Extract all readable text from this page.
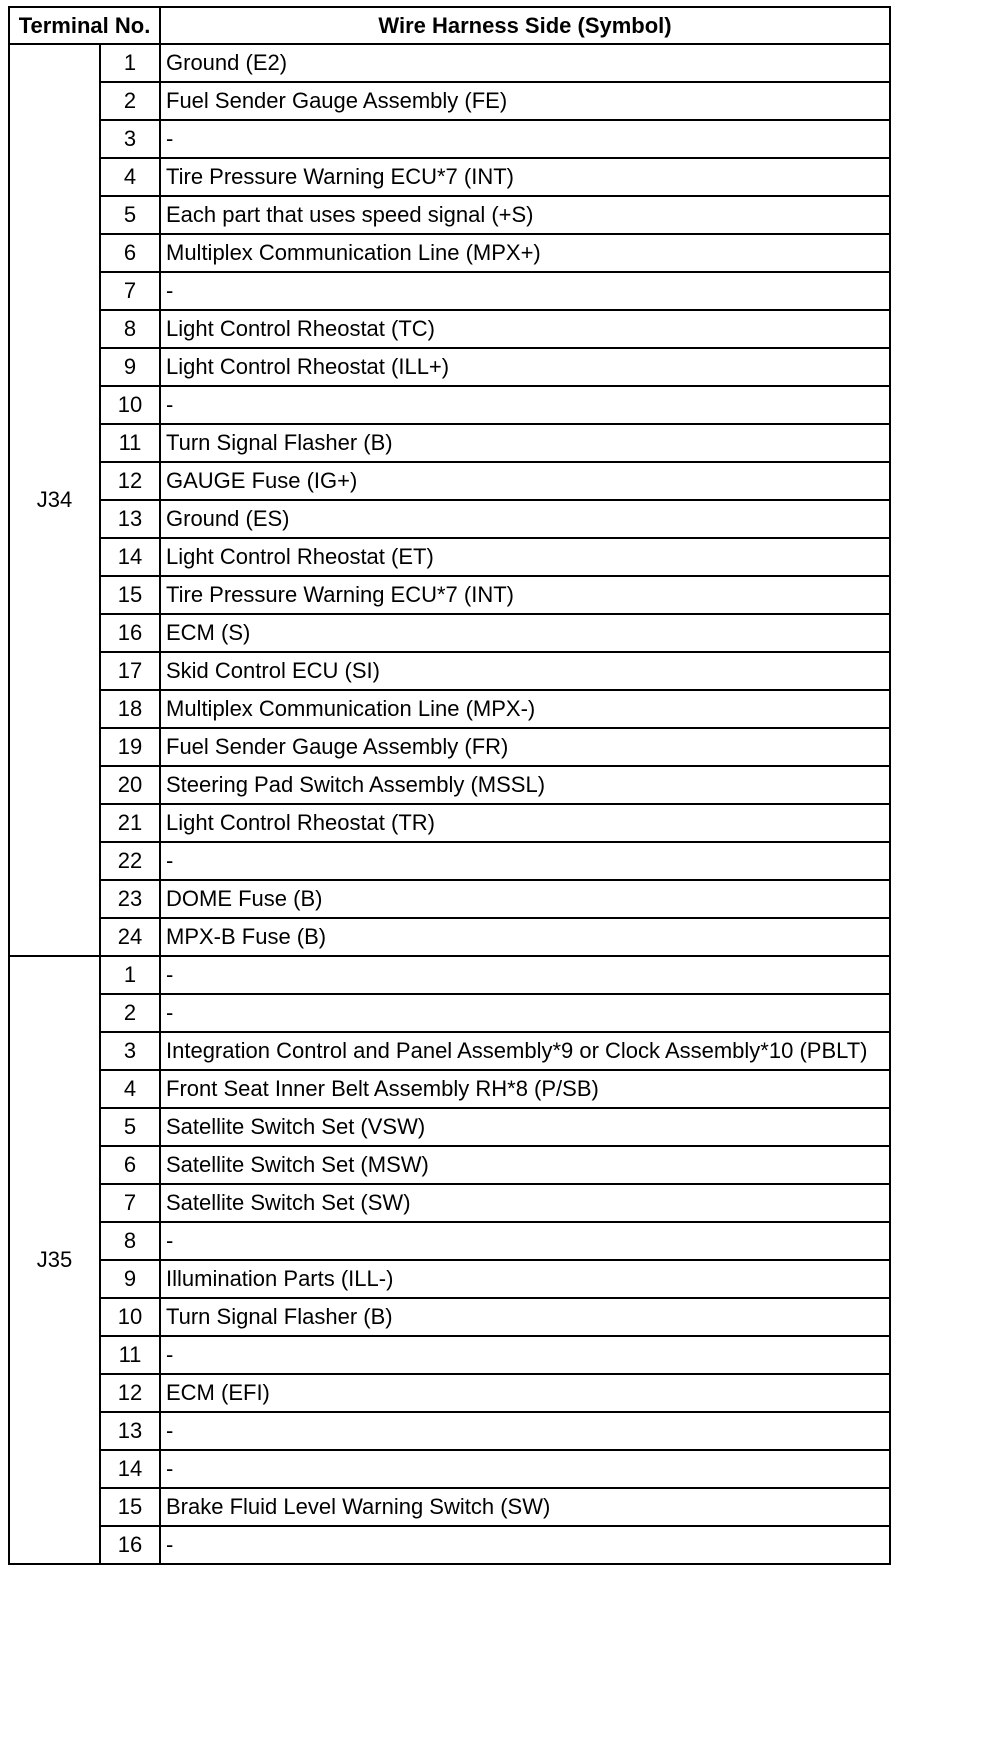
Terminal No.		Wire Harness Side (Symbol)
J34	1	Ground (E2)
	2	Fuel Sender Gauge Assembly (FE)
	3	-
	4	Tire Pressure Warning ECU*7 (INT)
	5	Each part that uses speed signal (+S)
	6	Multiplex Communication Line (MPX+)
	7	-
	8	Light Control Rheostat (TC)
	9	Light Control Rheostat (ILL+)
	10	-
	11	Turn Signal Flasher (B)
	12	GAUGE Fuse (IG+)
	13	Ground (ES)
	14	Light Control Rheostat (ET)
	15	Tire Pressure Warning ECU*7 (INT)
	16	ECM (S)
	17	Skid Control ECU (SI)
	18	Multiplex Communication Line (MPX-)
	19	Fuel Sender Gauge Assembly (FR)
	20	Steering Pad Switch Assembly (MSSL)
	21	Light Control Rheostat (TR)
	22	-
	23	DOME Fuse (B)
	24	MPX-B Fuse (B)
J35	1	-
	2	-
	3	Integration Control and Panel Assembly*9 or Clock Assembly*10 (PBLT)
	4	Front Seat Inner Belt Assembly RH*8 (P/SB)
	5	Satellite Switch Set (VSW)
	6	Satellite Switch Set (MSW)
	7	Satellite Switch Set (SW)
	8	-
	9	Illumination Parts (ILL-)
	10	Turn Signal Flasher (B)
	11	-
	12	ECM (EFI)
	13	-
	14	-
	15	Brake Fluid Level Warning Switch (SW)
	16	-
